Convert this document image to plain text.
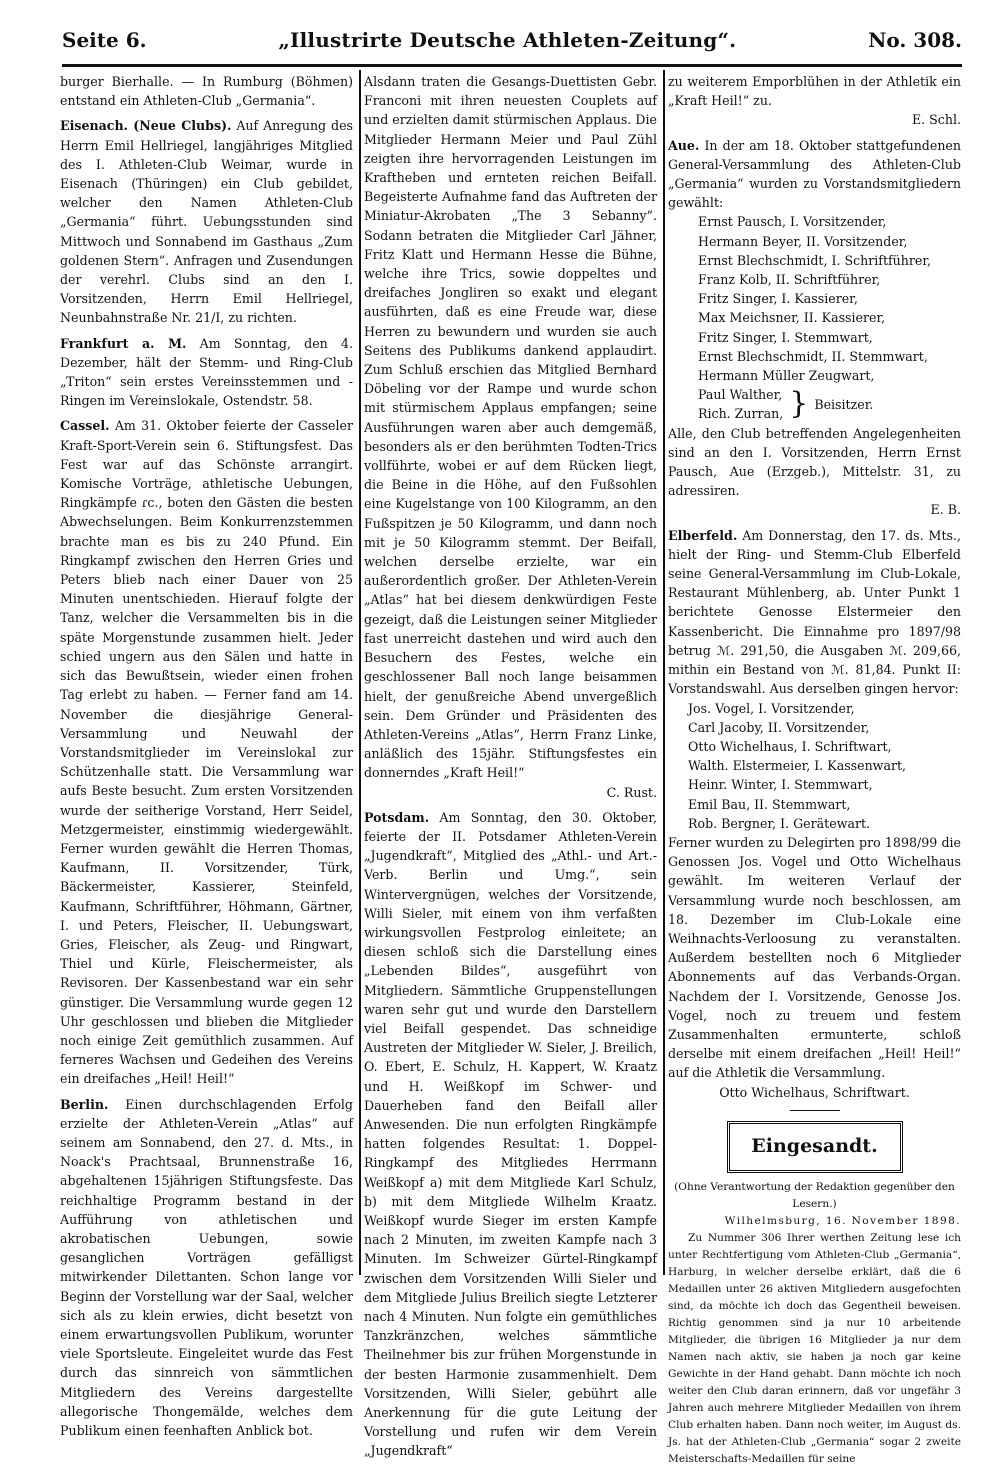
Seite 6.	„Illustrirte Deutsche Athleten-Zeitung“.	No. 308.

burger Bierhalle. — In Rumburg (Böhmen) entstand ein Athleten-Club „Germania“.

Eisenach. (Neue Clubs). Auf Anregung des Herrn Emil Hellriegel, langjähriges Mitglied des I. Athleten-Club Weimar, wurde in Eisenach (Thüringen) ein Club gebildet, welcher den Namen Athleten-Club „Germania“ führt. Uebungsstunden sind Mittwoch und Sonnabend im Gasthaus „Zum goldenen Stern“. Anfragen und Zusendungen der verehrl. Clubs sind an den I. Vorsitzenden, Herrn Emil Hellriegel, Neunbahnstraße Nr. 21/I, zu richten.

Frankfurt a. M. Am Sonntag, den 4. Dezember, hält der Stemm- und Ring-Club „Triton“ sein erstes Vereinsstemmen und -Ringen im Vereinslokale, Ostendstr. 58.

Cassel. Am 31. Oktober feierte der Casseler Kraft-Sport-Verein sein 6. Stiftungsfest. Das Fest war auf das Schönste arrangirt. Komische Vorträge, athletische Uebungen, Ringkämpfe ɾc., boten den Gästen die besten Abwechselungen. Beim Konkurrenzstemmen brachte man es bis zu 240 Pfund. Ein Ringkampf zwischen den Herren Gries und Peters blieb nach einer Dauer von 25 Minuten unentschieden. Hierauf folgte der Tanz, welcher die Versammelten bis in die späte Morgenstunde zusammen hielt. Jeder schied ungern aus den Sälen und hatte in sich das Bewußtsein, wieder einen frohen Tag erlebt zu haben. — Ferner fand am 14. November die diesjährige General-Versammlung und Neuwahl der Vorstandsmitglieder im Vereinslokal zur Schützenhalle statt. Die Versammlung war aufs Beste besucht. Zum ersten Vorsitzenden wurde der seitherige Vorstand, Herr Seidel, Metzgermeister, einstimmig wiedergewählt. Ferner wurden gewählt die Herren Thomas, Kaufmann, II. Vorsitzender, Türk, Bäckermeister, Kassierer, Steinfeld, Kaufmann, Schriftführer, Höhmann, Gärtner, I. und Peters, Fleischer, II. Uebungswart, Gries, Fleischer, als Zeug- und Ringwart, Thiel und Kürle, Fleischermeister, als Revisoren. Der Kassenbestand war ein sehr günstiger. Die Versammlung wurde gegen 12 Uhr geschlossen und blieben die Mitglieder noch einige Zeit gemüthlich zusammen. Auf ferneres Wachsen und Gedeihen des Vereins ein dreifaches „Heil! Heil!“

Berlin. Einen durchschlagenden Erfolg erzielte der Athleten-Verein „Atlas“ auf seinem am Sonnabend, den 27. d. Mts., in Noack's Prachtsaal, Brunnenstraße 16, abgehaltenen 15jährigen Stiftungsfeste. Das reichhaltige Programm bestand in der Aufführung von athletischen und akrobatischen Uebungen, sowie gesanglichen Vorträgen gefälligst mitwirkender Dilettanten. Schon lange vor Beginn der Vorstellung war der Saal, welcher sich als zu klein erwies, dicht besetzt von einem erwartungsvollen Publikum, worunter viele Sportsleute. Eingeleitet wurde das Fest durch das sinnreich von sämmtlichen Mitgliedern des Vereins dargestellte allegorische Thongemälde, welches dem Publikum einen feenhaften Anblick bot.

Alsdann traten die Gesangs-Duettisten Gebr. Franconi mit ihren neuesten Couplets auf und erzielten damit stürmischen Applaus. Die Mitglieder Hermann Meier und Paul Zühl zeigten ihre hervorragenden Leistungen im Kraftheben und ernteten reichen Beifall. Begeisterte Aufnahme fand das Auftreten der Miniatur-Akrobaten „The 3 Sebanny“. Sodann betraten die Mitglieder Carl Jähner, Fritz Klatt und Hermann Hesse die Bühne, welche ihre Trics, sowie doppeltes und dreifaches Jongliren so exakt und elegant ausführten, daß es eine Freude war, diese Herren zu bewundern und wurden sie auch Seitens des Publikums dankend applaudirt. Zum Schluß erschien das Mitglied Bernhard Döbeling vor der Rampe und wurde schon mit stürmischem Applaus empfangen; seine Ausführungen waren aber auch demgemäß, besonders als er den berühmten Todten-Trics vollführte, wobei er auf dem Rücken liegt, die Beine in die Höhe, auf den Fußsohlen eine Kugelstange von 100 Kilogramm, an den Fußspitzen je 50 Kilogramm, und dann noch mit je 50 Kilogramm stemmt. Der Beifall, welchen derselbe erzielte, war ein außerordentlich großer. Der Athleten-Verein „Atlas“ hat bei diesem denkwürdigen Feste gezeigt, daß die Leistungen seiner Mitglieder fast unerreicht dastehen und wird auch den Besuchern des Festes, welche ein geschlossener Ball noch lange beisammen hielt, der genußreiche Abend unvergeßlich sein. Dem Gründer und Präsidenten des Athleten-Vereins „Atlas“, Herrn Franz Linke, anläßlich des 15jähr. Stiftungsfestes ein donnerndes „Kraft Heil!“

C. Rust.

Potsdam. Am Sonntag, den 30. Oktober, feierte der II. Potsdamer Athleten-Verein „Jugendkraft“, Mitglied des „Athl.- und Art.-Verb. Berlin und Umg.“, sein Wintervergnügen, welches der Vorsitzende, Willi Sieler, mit einem von ihm verfaßten wirkungsvollen Festprolog einleitete; an diesen schloß sich die Darstellung eines „Lebenden Bildes“, ausgeführt von Mitgliedern. Sämmtliche Gruppenstellungen waren sehr gut und wurde den Darstellern viel Beifall gespendet. Das schneidige Austreten der Mitglieder W. Sieler, J. Breilich, O. Ebert, E. Schulz, H. Kappert, W. Kraatz und H. Weißkopf im Schwer- und Dauerheben fand den Beifall aller Anwesenden. Die nun erfolgten Ringkämpfe hatten folgendes Resultat: 1. Doppel-Ringkampf des Mitgliedes Herrmann Weißkopf a) mit dem Mitgliede Karl Schulz, b) mit dem Mitgliede Wilhelm Kraatz. Weißkopf wurde Sieger im ersten Kampfe nach 2 Minuten, im zweiten Kampfe nach 3 Minuten. Im Schweizer Gürtel-Ringkampf zwischen dem Vorsitzenden Willi Sieler und dem Mitgliede Julius Breilich siegte Letzterer nach 4 Minuten. Nun folgte ein gemüthliches Tanzkränzchen, welches sämmtliche Theilnehmer bis zur frühen Morgenstunde in der besten Harmonie zusammenhielt. Dem Vorsitzenden, Willi Sieler, gebührt alle Anerkennung für die gute Leitung der Vorstellung und rufen wir dem Verein „Jugendkraft“

zu weiterem Emporblühen in der Athletik ein „Kraft Heil!“ zu.

E. Schl.

Aue. In der am 18. Oktober stattgefundenen General-Versammlung des Athleten-Club „Germania“ wurden zu Vorstandsmitgliedern gewählt:

Ernst Pausch, I. Vorsitzender,
Hermann Beyer, II. Vorsitzender,
Ernst Blechschmidt, I. Schriftführer,
Franz Kolb, II. Schriftführer,
Fritz Singer, I. Kassierer,
Max Meichsner, II. Kassierer,
Fritz Singer, I. Stemmwart,
Ernst Blechschmidt, II. Stemmwart,
Hermann Müller Zeugwart,
Paul Walther,
Rich. Zurran, } Beisitzer.

Alle, den Club betreffenden Angelegenheiten sind an den I. Vorsitzenden, Herrn Ernst Pausch, Aue (Erzgeb.), Mittelstr. 31, zu adressiren.

E. B.

Elberfeld. Am Donnerstag, den 17. ds. Mts., hielt der Ring- und Stemm-Club Elberfeld seine General-Versammlung im Club-Lokale, Restaurant Mühlenberg, ab. Unter Punkt 1 berichtete Genosse Elstermeier den Kassenbericht. Die Einnahme pro 1897/98 betrug ℳ. 291,50, die Ausgaben ℳ. 209,66, mithin ein Bestand von ℳ. 81,84. Punkt II: Vorstandswahl. Aus derselben gingen hervor:

Jos. Vogel, I. Vorsitzender,
Carl Jacoby, II. Vorsitzender,
Otto Wichelhaus, I. Schriftwart,
Walth. Elstermeier, I. Kassenwart,
Heinr. Winter, I. Stemmwart,
Emil Bau, II. Stemmwart,
Rob. Bergner, I. Gerätewart.

Ferner wurden zu Delegirten pro 1898/99 die Genossen Jos. Vogel und Otto Wichelhaus gewählt. Im weiteren Verlauf der Versammlung wurde noch beschlossen, am 18. Dezember im Club-Lokale eine Weihnachts-Verloosung zu veranstalten. Außerdem bestellten noch 6 Mitglieder Abonnements auf das Verbands-Organ. Nachdem der I. Vorsitzende, Genosse Jos. Vogel, noch zu treuem und festem Zusammenhalten ermunterte, schloß derselbe mit einem dreifachen „Heil! Heil!“ auf die Athletik die Versammlung.

Otto Wichelhaus, Schriftwart.

Eingesandt.

(Ohne Verantwortung der Redaktion gegenüber den Lesern.)

Wilhelmsburg, 16. November 1898.

Zu Nummer 306 Ihrer werthen Zeitung lese ich unter Rechtfertigung vom Athleten-Club „Germania“, Harburg, in welcher derselbe erklärt, daß die 6 Medaillen unter 26 aktiven Mitgliedern ausgefochten sind, da möchte ich doch das Gegentheil beweisen. Richtig genommen sind ja nur 10 arbeitende Mitglieder, die übrigen 16 Mitglieder ja nur dem Namen nach aktiv, sie haben ja noch gar keine Gewichte in der Hand gehabt. Dann möchte ich noch weiter den Club daran erinnern, daß vor ungefähr 3 Jahren auch mehrere Mitglieder Medaillen von ihrem Club erhalten haben. Dann noch weiter, im August ds. Js. hat der Athleten-Club „Germania“ sogar 2 zweite Meisterschafts-Medaillen für seine
